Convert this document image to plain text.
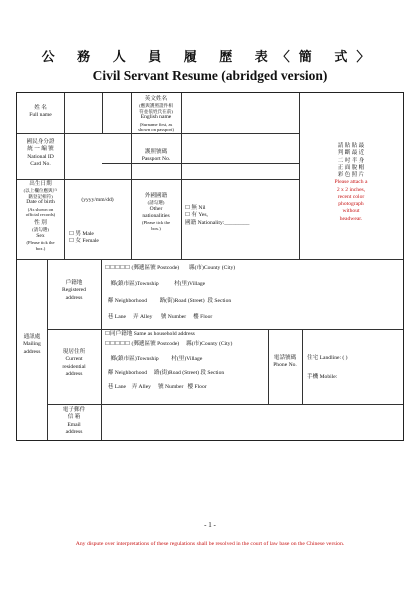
公 務 人 員 履 歷 表〈簡 式〉
Civil Servant Resume (abridged version)
姓 名
Full name
英文姓名
(應與護照證件相
符並依姓氏在前)
English name
(Surname first, as
shown on passport)
國民身分證
統 一 編 號
National ID
Card No.
護照號碼
Passport No.
出生日期
(以上欄位應與戶
籍登記相符)
Date of birth
(As shown on
official records)
(yyyy/mm/dd)
性 別
(請勾選)
Sex
(Please tick the
box.)
☐ 男 Male
☐ 女 Female
外國國籍
(請勾選)
Other
nationalities
(Please tick the
box.)
☐ 無 Nil
☐ 有 Yes,
國籍 Nationality:_________
請 貼 貼 最
判 斷 最 近
二 吋 半 身
正 面 脫 帽
彩 色 照 片
Please attach a
2 x 2 inches,
recent color
photograph
without
headwear.
通訊處
Mailing
address
戶籍地
Registered
address
☐☐☐☐☐ (郵遞區號 Postcode) 縣(市)County (City)
鄉(鎮市區)Township	村(里)Village
鄰 Neighborhood 路(街)Road (Street) 段 Section
巷 Lane 弄 Alley 號 Number 樓 Floor
現居住所
Current
residential
address
☐同戶籍地 Same as household address
☐☐☐☐☐ (郵遞區號 Postcode) 縣(市)County (City)
鄉(鎮市區)Township 村(里)Village
鄰 Neighborhood 路(街)Road (Street) 段 Section
巷 Lane 弄 Alley 號 Number 樓 Floor
電話號碼
Phone No.
住宅 Landline: ( )
手機 Mobile:
電子郵件
信 箱
Email
address
- 1 -
Any dispute over interpretations of these regulations shall be resolved in the court of law base on the Chinese version.
